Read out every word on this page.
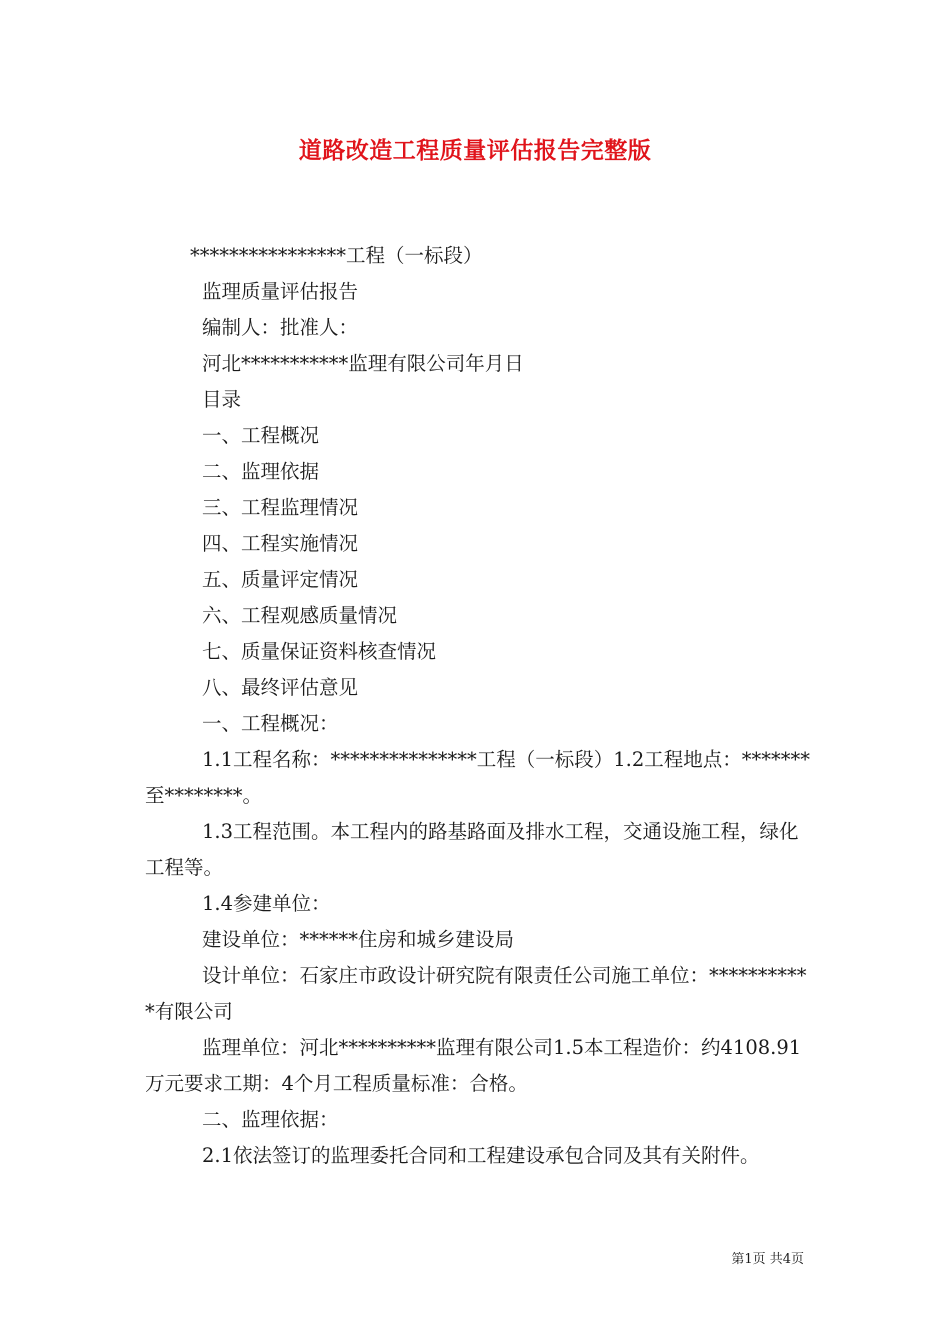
道路改造工程质量评估报告完整版

****************工程（一标段）

监理质量评估报告

编制人：批准人：

河北***********监理有限公司年月日

目录

一、工程概况

二、监理依据

三、工程监理情况

四、工程实施情况

五、质量评定情况

六、工程观感质量情况

七、质量保证资料核查情况

八、最终评估意见

一、工程概况：

1.1工程名称：***************工程（一标段）1.2工程地点：*******至********。

1.3工程范围。本工程内的路基路面及排水工程，交通设施工程，绿化工程等。

1.4参建单位：

建设单位：******住房和城乡建设局

设计单位：石家庄市政设计研究院有限责任公司施工单位：***********有限公司

监理单位：河北**********监理有限公司1.5本工程造价：约4108.91万元要求工期：4个月工程质量标准：合格。

二、监理依据：

2.1依法签订的监理委托合同和工程建设承包合同及其有关附件。

第1页 共4页
